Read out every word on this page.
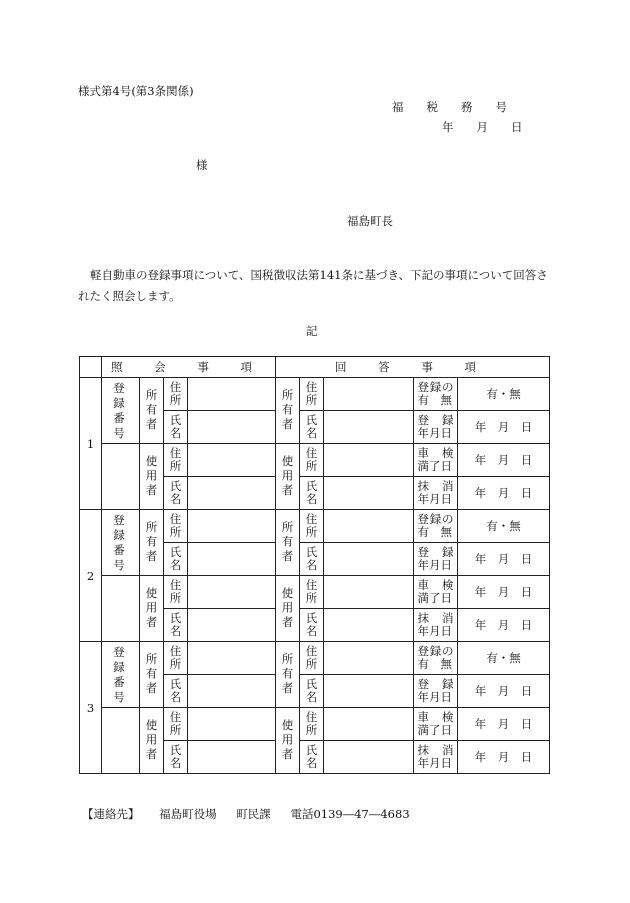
様式第4号(第3条関係)
福　　税　　務　　号
年　　月　　日
様
福島町長
軽自動車の登録事項について、国税徴収法第141条に基づき、下記の事項について回答されたく照会します。
記
	照 会 事 項				回 答 事 項				
1	登録番号	所有者	住所		所有者	住所		登録の有　無	有・無
			氏名			氏名		登　録年月日	年　月　日

		使用者	住所		使用者	住所		車　検満了日	年　月　日
			氏名			氏名		抹　消年月日	年　月　日
2	登録番号	所有者	住所		所有者	住所		登録の有　無	有・無
			氏名			氏名		登　録年月日	年　月　日

		使用者	住所		使用者	住所		車　検満了日	年　月　日
			氏名			氏名		抹　消年月日	年　月　日
3	登録番号	所有者	住所		所有者	住所		登録の有　無	有・無
			氏名			氏名		登　録年月日	年　月　日

		使用者	住所		使用者	住所		車　検満了日	年　月　日
			氏名			氏名		抹　消年月日	年　月　日
【連絡先】 福島町役場 町民課 電話0139―47―4683
